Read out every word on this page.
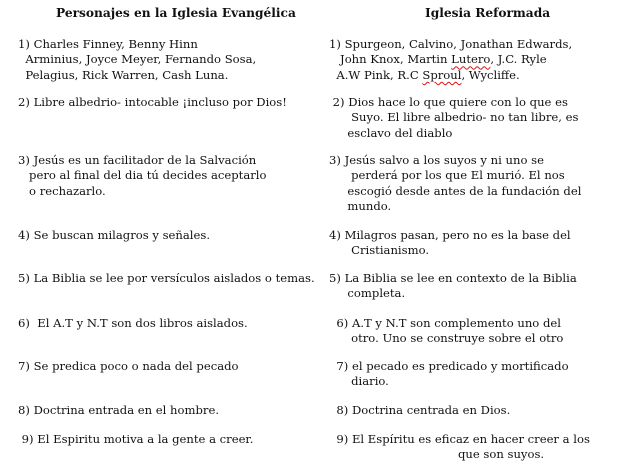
Personajes en la Iglesia Evangélica	Iglesia Reformada
1) Charles Finney, Benny Hinn
Arminius, Joyce Meyer, Fernando Sosa,
Pelagius, Rick Warren, Cash Luna.
2) Libre albedrio- intocable ¡incluso por Dios!
3) Jesús es un facilitador de la Salvación
pero al final del dia tú decides aceptarlo
o rechazarlo.
4) Se buscan milagros y señales.
5) La Biblia se lee por versículos aislados o temas.
6)  El A.T y N.T son dos libros aislados.
7) Se predica poco o nada del pecado
8) Doctrina entrada en el hombre.
9) El Espiritu motiva a la gente a creer.
1) Spurgeon, Calvino, Jonathan Edwards,
John Knox, Martin Lutero, J.C. Ryle
A.W Pink, R.C Sproul, Wycliffe.
2) Dios hace lo que quiere con lo que es
Suyo. El libre albedrio- no tan libre, es
esclavo del diablo
3) Jesús salvo a los suyos y ni uno se
perderá por los que El murió. El nos
escogió desde antes de la fundación del
mundo.
4) Milagros pasan, pero no es la base del
Cristianismo.
5) La Biblia se lee en contexto de la Biblia
completa.
6) A.T y N.T son complemento uno del
otro. Uno se construye sobre el otro
7) el pecado es predicado y mortificado
diario.
8) Doctrina centrada en Dios.
9) El Espíritu es eficaz en hacer creer a los
que son suyos.
